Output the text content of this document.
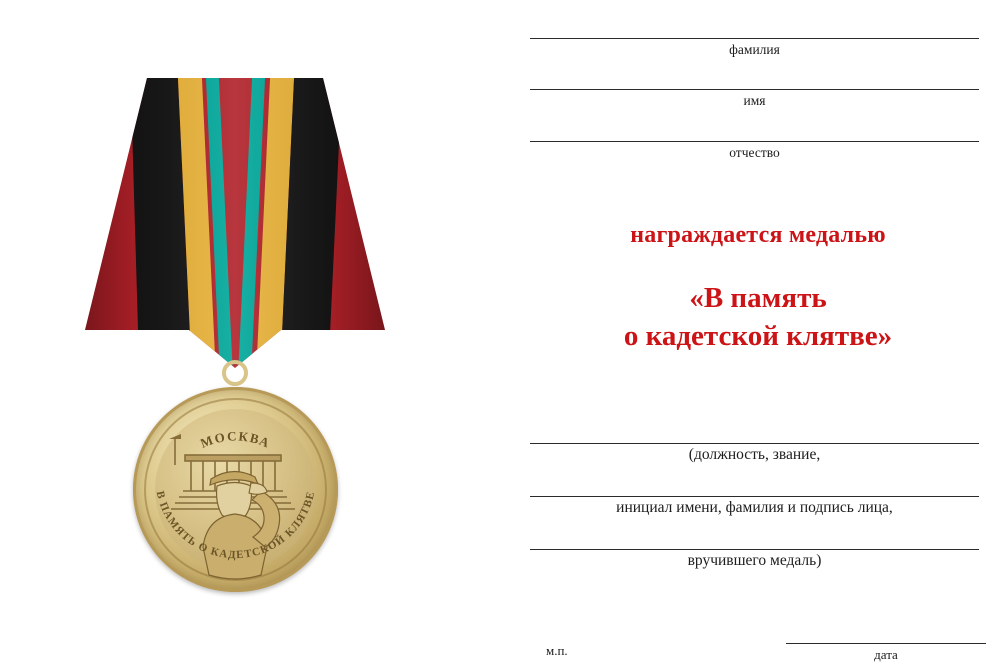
МОСКВА
В ПАМЯТЬ О КАДЕТСКОЙ КЛЯТВЕ
фамилия
имя
отчество
награждается медалью
«В память
о кадетской клятве»
(должность, звание,
инициал имени, фамилия и подпись лица,
вручившего медаль)
м.п.	дата
